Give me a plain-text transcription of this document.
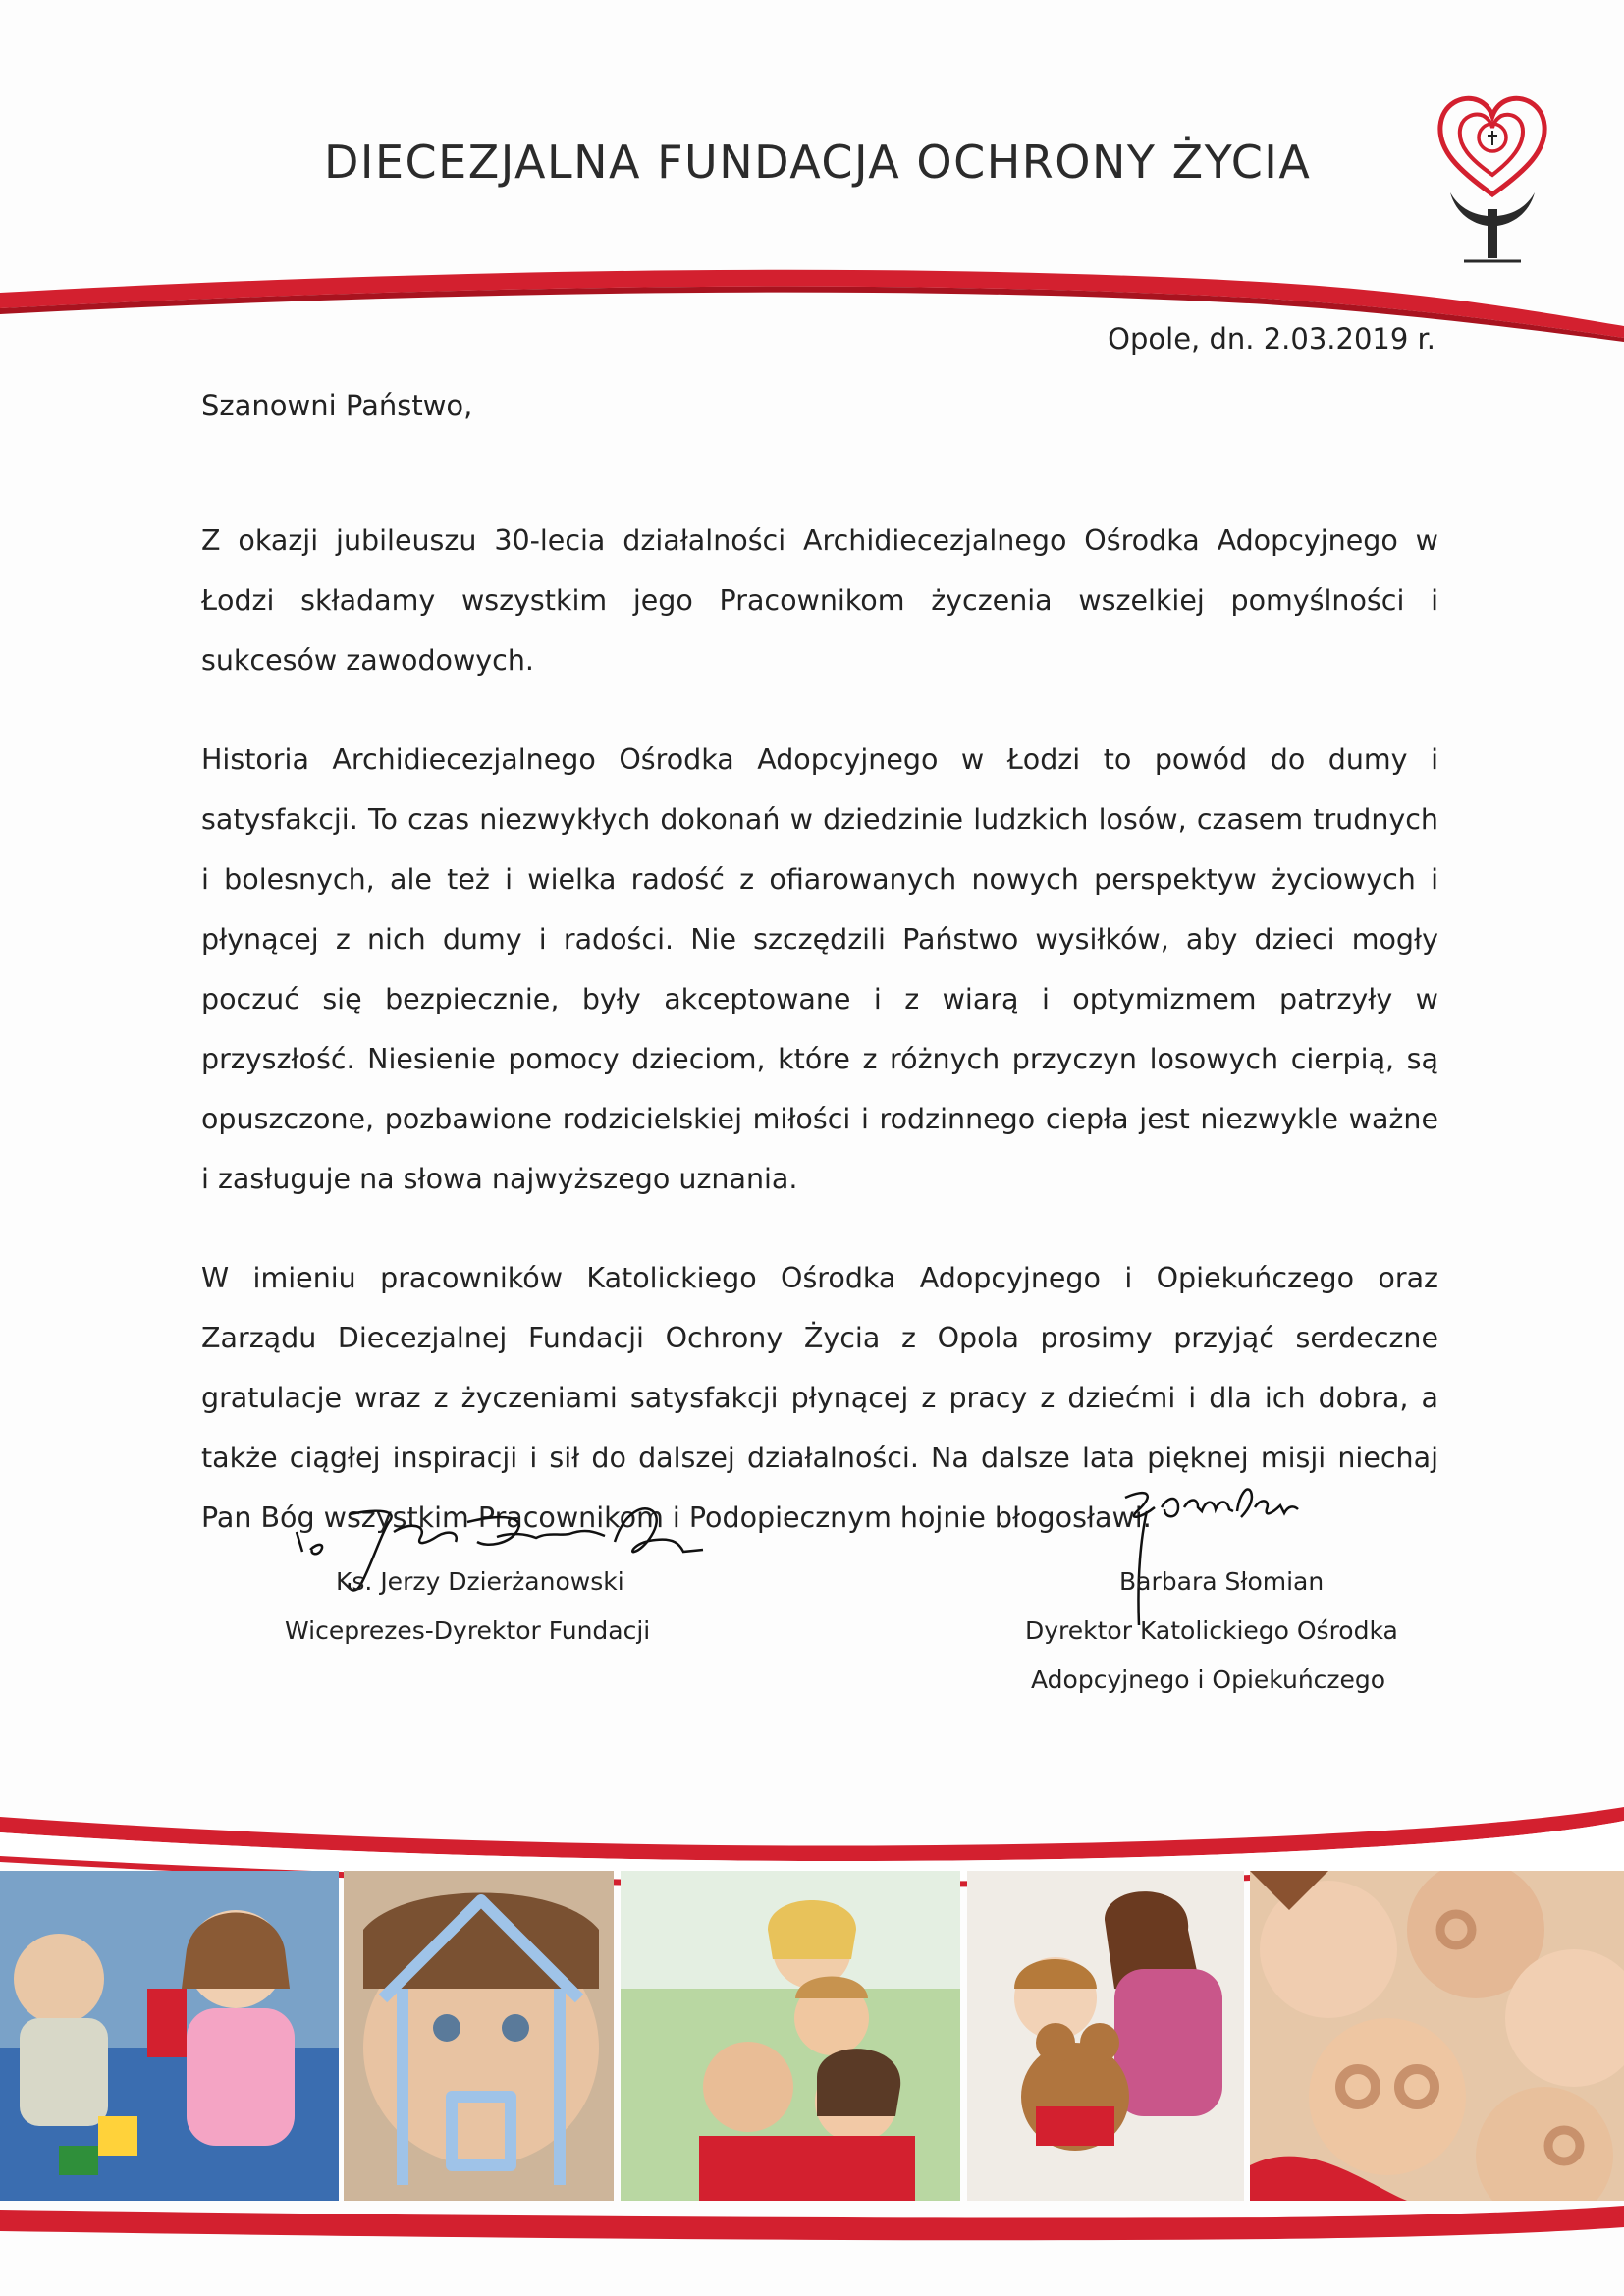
DIECEZJALNA FUNDACJA OCHRONY ŻYCIA
Opole, dn. 2.03.2019 r.
Szanowni Państwo,

Z okazji jubileuszu 30-lecia działalności Archidiecezjalnego Ośrodka Adopcyjnego w Łodzi składamy wszystkim jego Pracownikom życzenia wszelkiej pomyślności i sukcesów zawodowych.

Historia Archidiecezjalnego Ośrodka Adopcyjnego w Łodzi to powód do dumy i satysfakcji. To czas niezwykłych dokonań w dziedzinie ludzkich losów, czasem trudnych i bolesnych, ale też i wielka radość z ofiarowanych nowych perspektyw życiowych i płynącej z nich dumy i radości. Nie szczędzili Państwo wysiłków, aby dzieci mogły poczuć się bezpiecznie, były akceptowane i z wiarą i optymizmem patrzyły w przyszłość. Niesienie pomocy dzieciom, które z różnych przyczyn losowych cierpią, są opuszczone, pozbawione rodzicielskiej miłości i rodzinnego ciepła jest niezwykle ważne i zasługuje na słowa najwyższego uznania.

W imieniu pracowników Katolickiego Ośrodka Adopcyjnego i Opiekuńczego oraz Zarządu Diecezjalnej Fundacji Ochrony Życia z Opola prosimy przyjąć serdeczne gratulacje wraz z życzeniami satysfakcji płynącej z pracy z dziećmi i dla ich dobra, a także ciągłej inspiracji i sił do dalszej działalności. Na dalsze lata pięknej misji niechaj Pan Bóg wszystkim Pracownikom i Podopiecznym hojnie błogosławi.

Ks. Jerzy Dzierżanowski
Wiceprezes-Dyrektor Fundacji
Barbara Słomian
Dyrektor Katolickiego Ośrodka
Adopcyjnego i Opiekuńczego
